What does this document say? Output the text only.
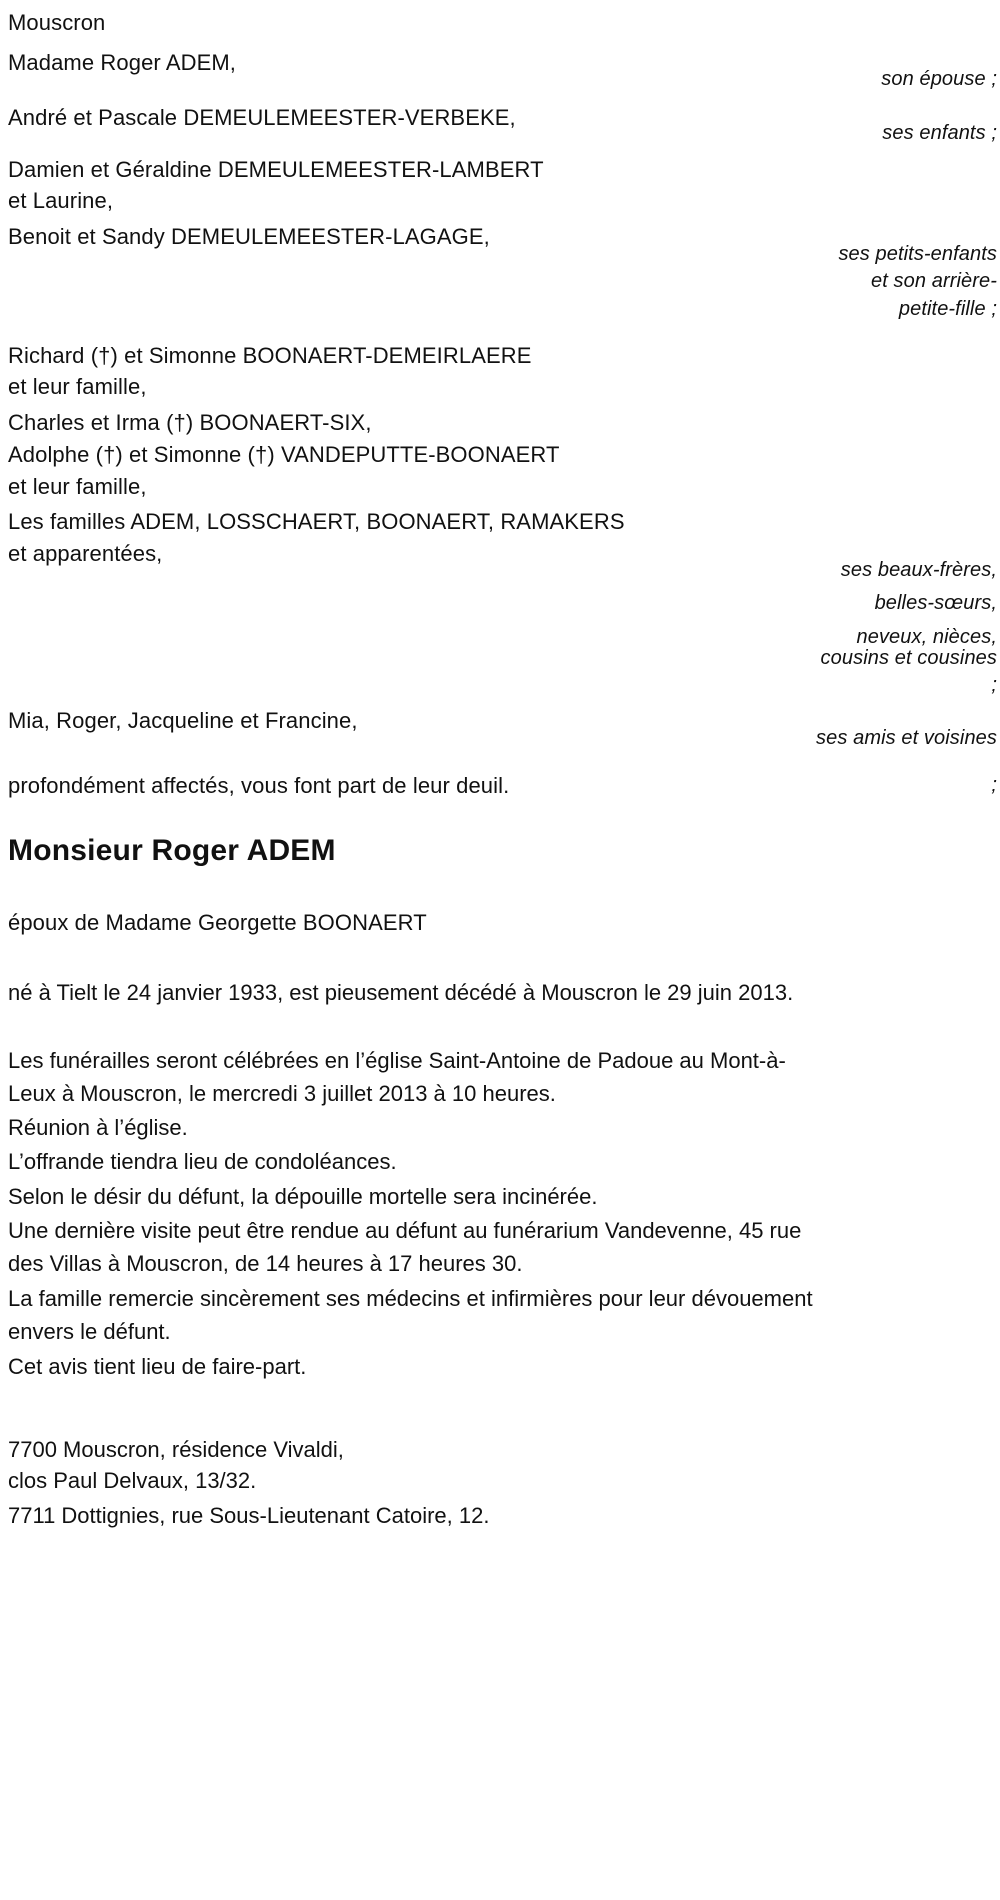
Mouscron
Madame Roger ADEM,
André et Pascale DEMEULEMEESTER-VERBEKE,
Damien et Géraldine DEMEULEMEESTER-LAMBERT
et Laurine,
Benoit et Sandy DEMEULEMEESTER-LAGAGE,
Richard (†) et Simonne BOONAERT-DEMEIRLAERE
et leur famille,
Charles et Irma (†) BOONAERT-SIX,
Adolphe (†) et Simonne (†) VANDEPUTTE-BOONAERT
et leur famille,
Les familles ADEM, LOSSCHAERT, BOONAERT, RAMAKERS
et apparentées,
Mia, Roger, Jacqueline et Francine,
son épouse ;
ses enfants ;
ses petits-enfants
et son arrière-
petite-fille ;
ses beaux-frères,
belles-sœurs,
neveux, nièces,
cousins et cousines
;
ses amis et voisines
;
profondément affectés, vous font part de leur deuil.
Monsieur Roger ADEM
époux de Madame Georgette BOONAERT
né à Tielt le 24 janvier 1933, est pieusement décédé à Mouscron le 29 juin 2013.
Les funérailles seront célébrées en l’église Saint-Antoine de Padoue au Mont-à-Leux à Mouscron, le mercredi 3 juillet 2013 à 10 heures.
Réunion à l’église.
L’offrande tiendra lieu de condoléances.
Selon le désir du défunt, la dépouille mortelle sera incinérée.
Une dernière visite peut être rendue au défunt au funérarium Vandevenne, 45 rue des Villas à Mouscron, de 14 heures à 17 heures 30.
La famille remercie sincèrement ses médecins et infirmières pour leur dévouement envers le défunt.
Cet avis tient lieu de faire-part.
7700 Mouscron, résidence Vivaldi,
clos Paul Delvaux, 13/32.
7711 Dottignies, rue Sous-Lieutenant Catoire, 12.
